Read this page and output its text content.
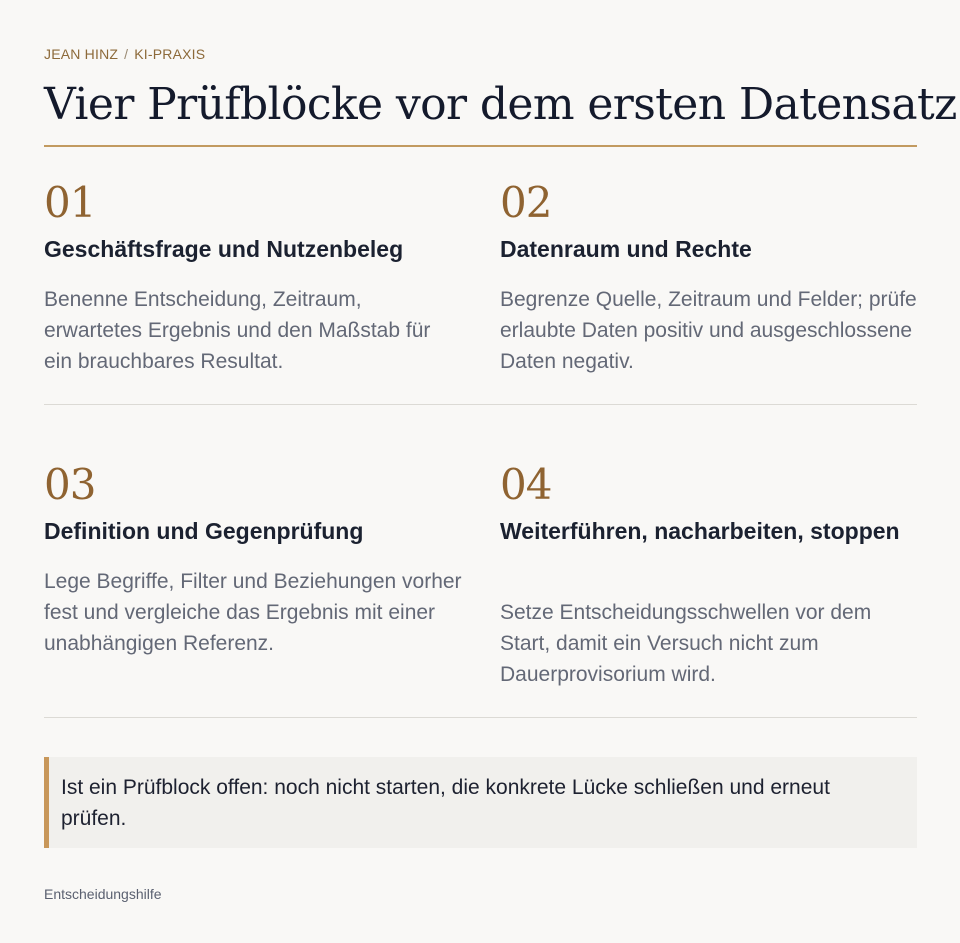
JEAN HINZ / KI-PRAXIS
Vier Prüfblöcke vor dem ersten Datensatz
01
Geschäftsfrage und Nutzenbeleg

Benenne Entscheidung, Zeitraum, erwartetes Ergebnis und den Maßstab für ein brauchbares Resultat.

02
Datenraum und Rechte

Begrenze Quelle, Zeitraum und Felder; prüfe erlaubte Daten positiv und ausgeschlossene Daten negativ.

03
Definition und Gegenprüfung

Lege Begriffe, Filter und Beziehungen vorher fest und vergleiche das Ergebnis mit einer unabhängigen Referenz.

04
Weiterführen, nacharbeiten, stoppen

Setze Entscheidungsschwellen vor dem Start, damit ein Versuch nicht zum Dauerprovisorium wird.

Ist ein Prüfblock offen: noch nicht starten, die konkrete Lücke schließen und erneut prüfen.

Entscheidungshilfe
